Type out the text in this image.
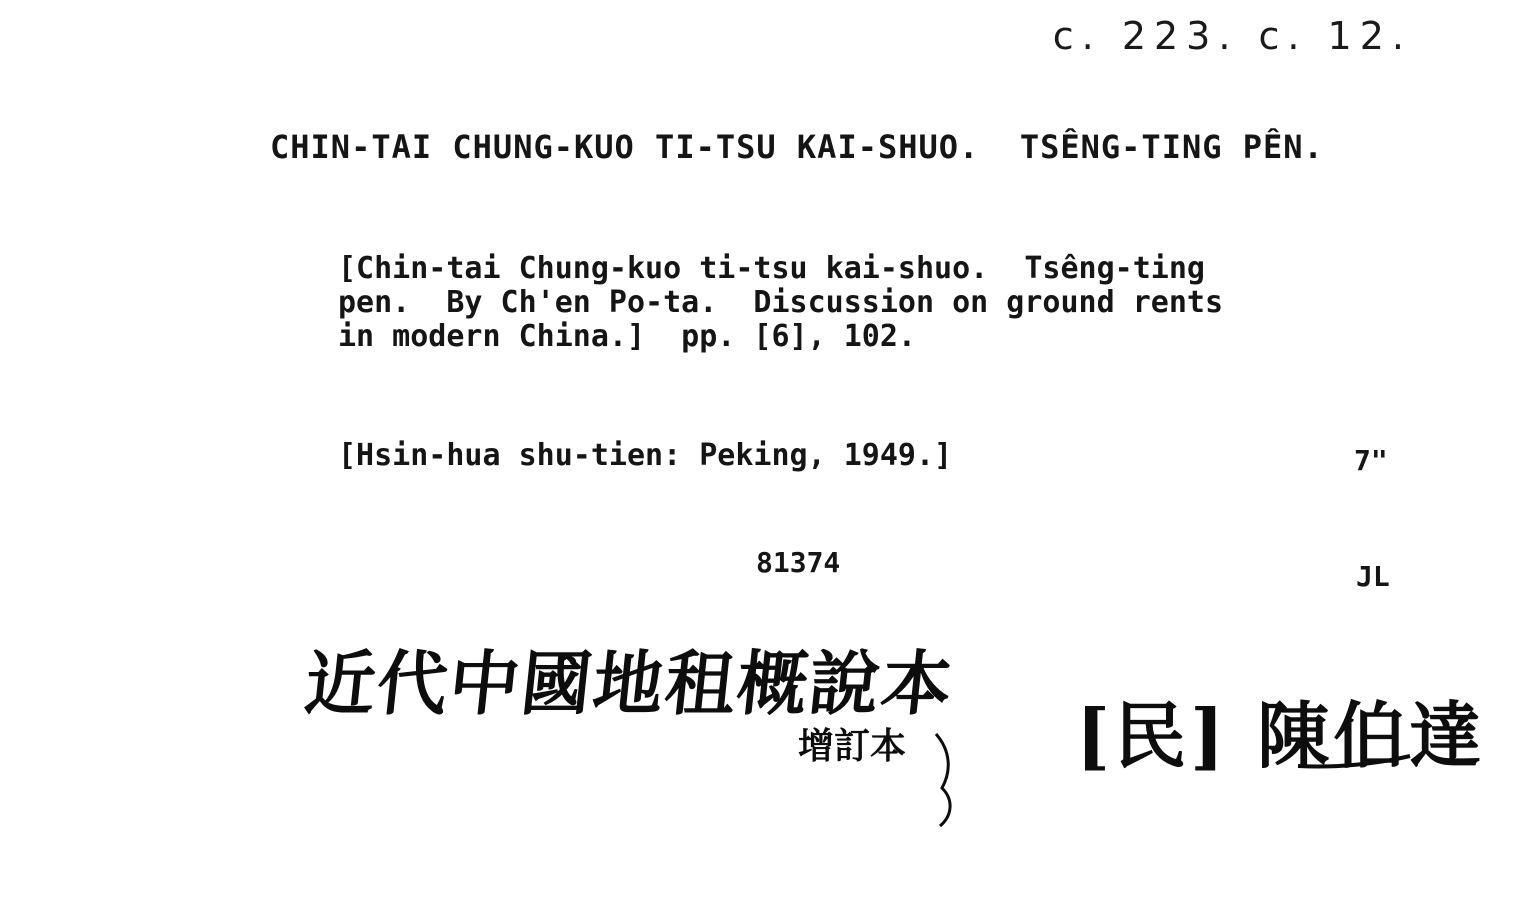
c. 223. c. 12.
CHIN-TAI CHUNG-KUO TI-TSU KAI-SHUO.  TSÊNG-TING PÊN.
[Chin-tai Chung-kuo ti-tsu kai-shuo.  Tsêng-ting
pen.  By Ch'en Po-ta.  Discussion on ground rents
in modern China.]  pp. [6], 102.
[Hsin-hua shu-tien: Peking, 1949.]	7"
81374	JL
近代中國地租概說本
增訂本 [民] 陳伯達
